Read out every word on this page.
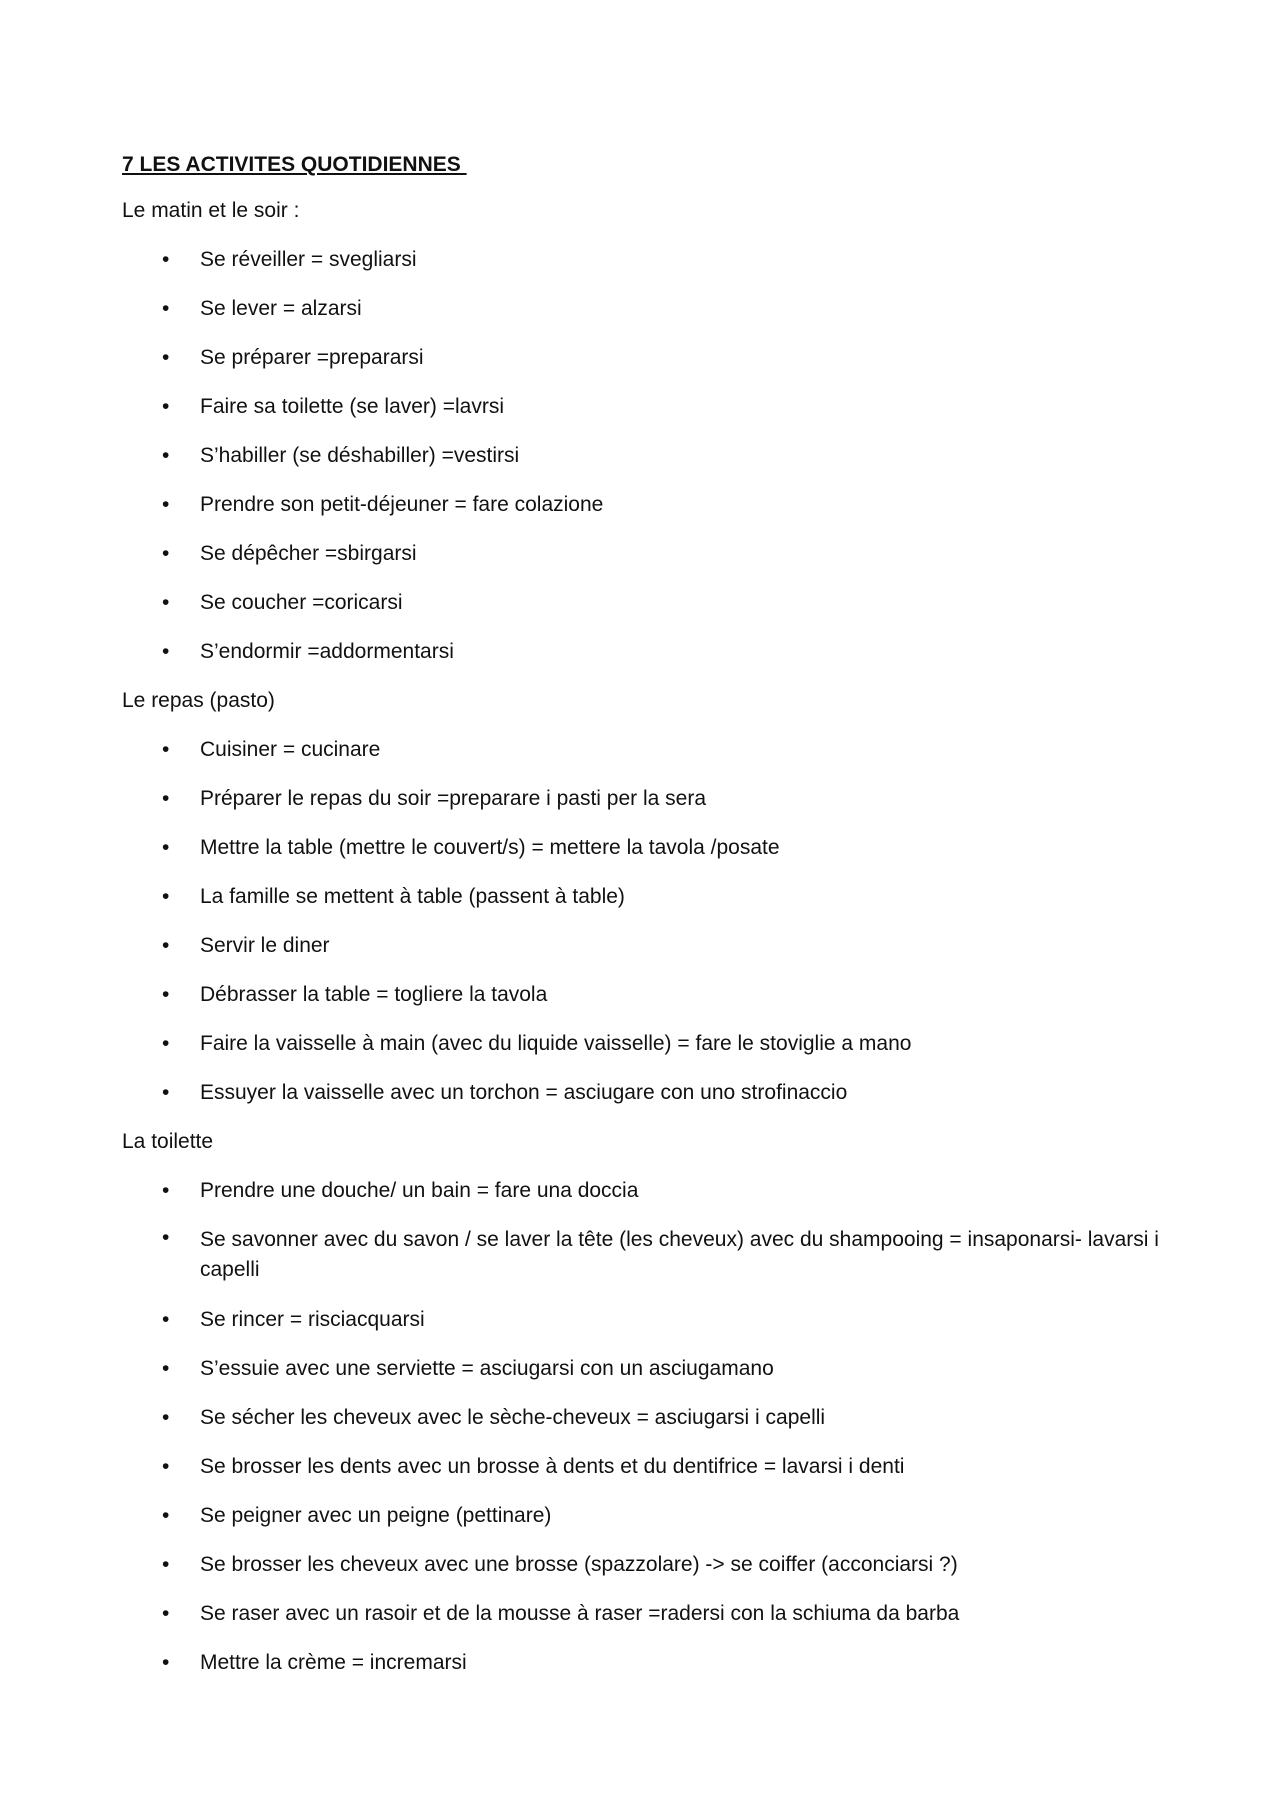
7 LES ACTIVITES QUOTIDIENNES

Le matin et le soir :

• Se réveiller = svegliarsi
• Se lever = alzarsi
• Se préparer =prepararsi
• Faire sa toilette (se laver) =lavrsi
• S’habiller (se déshabiller) =vestirsi
• Prendre son petit-déjeuner = fare colazione
• Se dépêcher =sbirgarsi
• Se coucher =coricarsi
• S’endormir =addormentarsi

Le repas (pasto)

• Cuisiner = cucinare
• Préparer le repas du soir =preparare i pasti per la sera
• Mettre la table (mettre le couvert/s) = mettere la tavola /posate
• La famille se mettent à table (passent à table)
• Servir le diner
• Débrasser la table = togliere la tavola
• Faire la vaisselle à main (avec du liquide vaisselle) = fare le stoviglie a mano
• Essuyer la vaisselle avec un torchon = asciugare con uno strofinaccio

La toilette

• Prendre une douche/ un bain = fare una doccia
• Se savonner avec du savon / se laver la tête (les cheveux) avec du shampooing = insaponarsi- lavarsi i capelli
• Se rincer = risciacquarsi
• S’essuie avec une serviette = asciugarsi con un asciugamano
• Se sécher les cheveux avec le sèche-cheveux = asciugarsi i capelli
• Se brosser les dents avec un brosse à dents et du dentifrice = lavarsi i denti
• Se peigner avec un peigne (pettinare)
• Se brosser les cheveux avec une brosse (spazzolare) -> se coiffer (acconciarsi ?)
• Se raser avec un rasoir et de la mousse à raser =radersi con la schiuma da barba
• Mettre la crème = incremarsi
